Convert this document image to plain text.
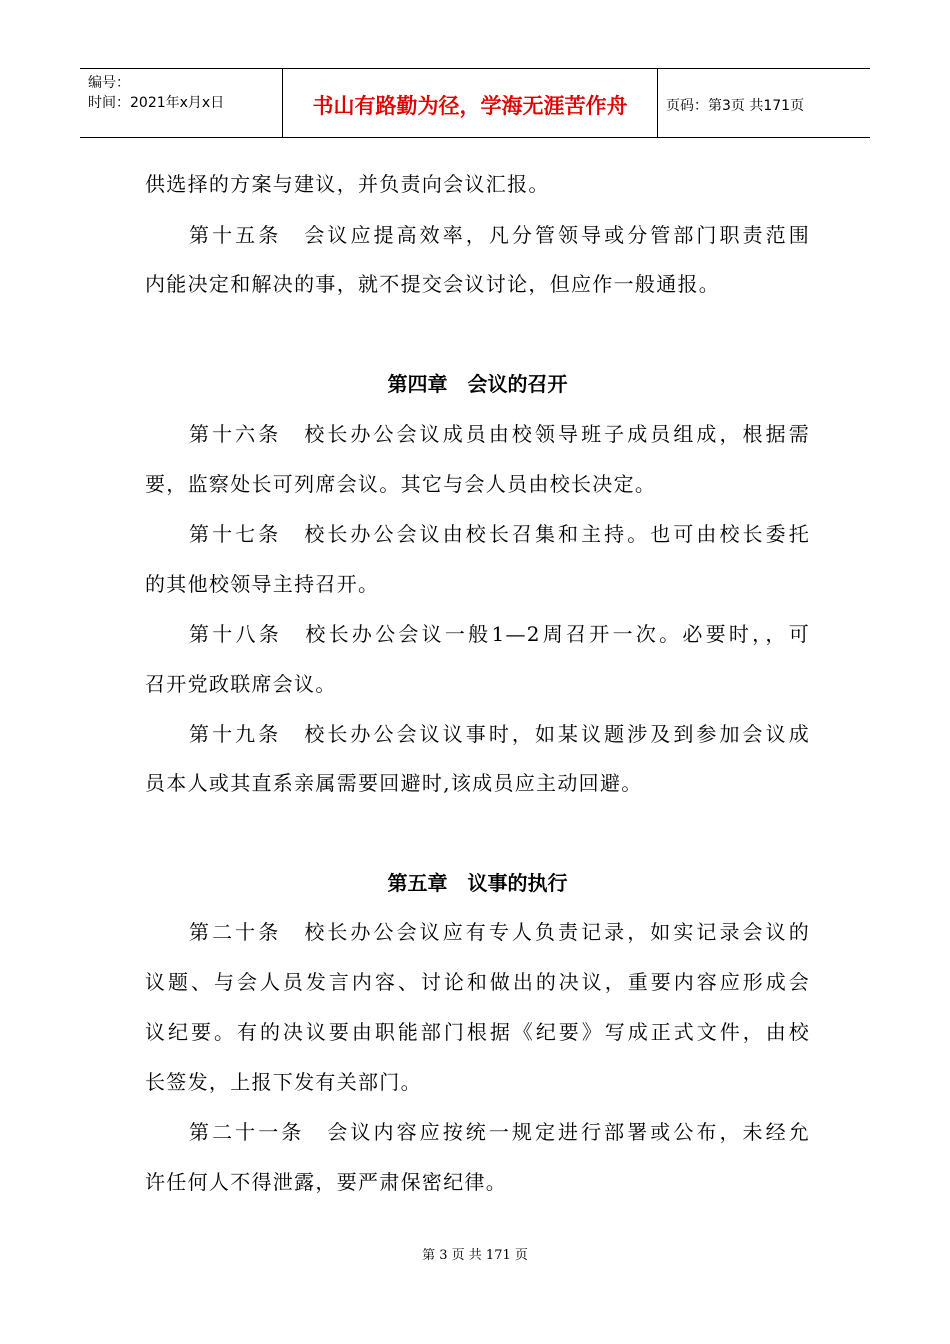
编号：
时间：2021年x月x日	书山有路勤为径，学海无涯苦作舟	页码：第3页 共171页
供选择的方案与建议，并负责向会议汇报。
第十五条　会议应提高效率，凡分管领导或分管部门职责范围
内能决定和解决的事，就不提交会议讨论，但应作一般通报。
第四章　会议的召开
第十六条　校长办公会议成员由校领导班子成员组成，根据需
要，监察处长可列席会议。其它与会人员由校长决定。
第十七条　校长办公会议由校长召集和主持。也可由校长委托
的其他校领导主持召开。
第十八条　校长办公会议一般1—2周召开一次。必要时，，可
召开党政联席会议。
第十九条　校长办公会议议事时，如某议题涉及到参加会议成
员本人或其直系亲属需要回避时,该成员应主动回避。
第五章　议事的执行
第二十条　校长办公会议应有专人负责记录，如实记录会议的
议题、与会人员发言内容、讨论和做出的决议，重要内容应形成会
议纪要。有的决议要由职能部门根据《纪要》写成正式文件，由校
长签发，上报下发有关部门。
第二十一条　会议内容应按统一规定进行部署或公布，未经允
许任何人不得泄露，要严肃保密纪律。
第 3 页 共 171 页
